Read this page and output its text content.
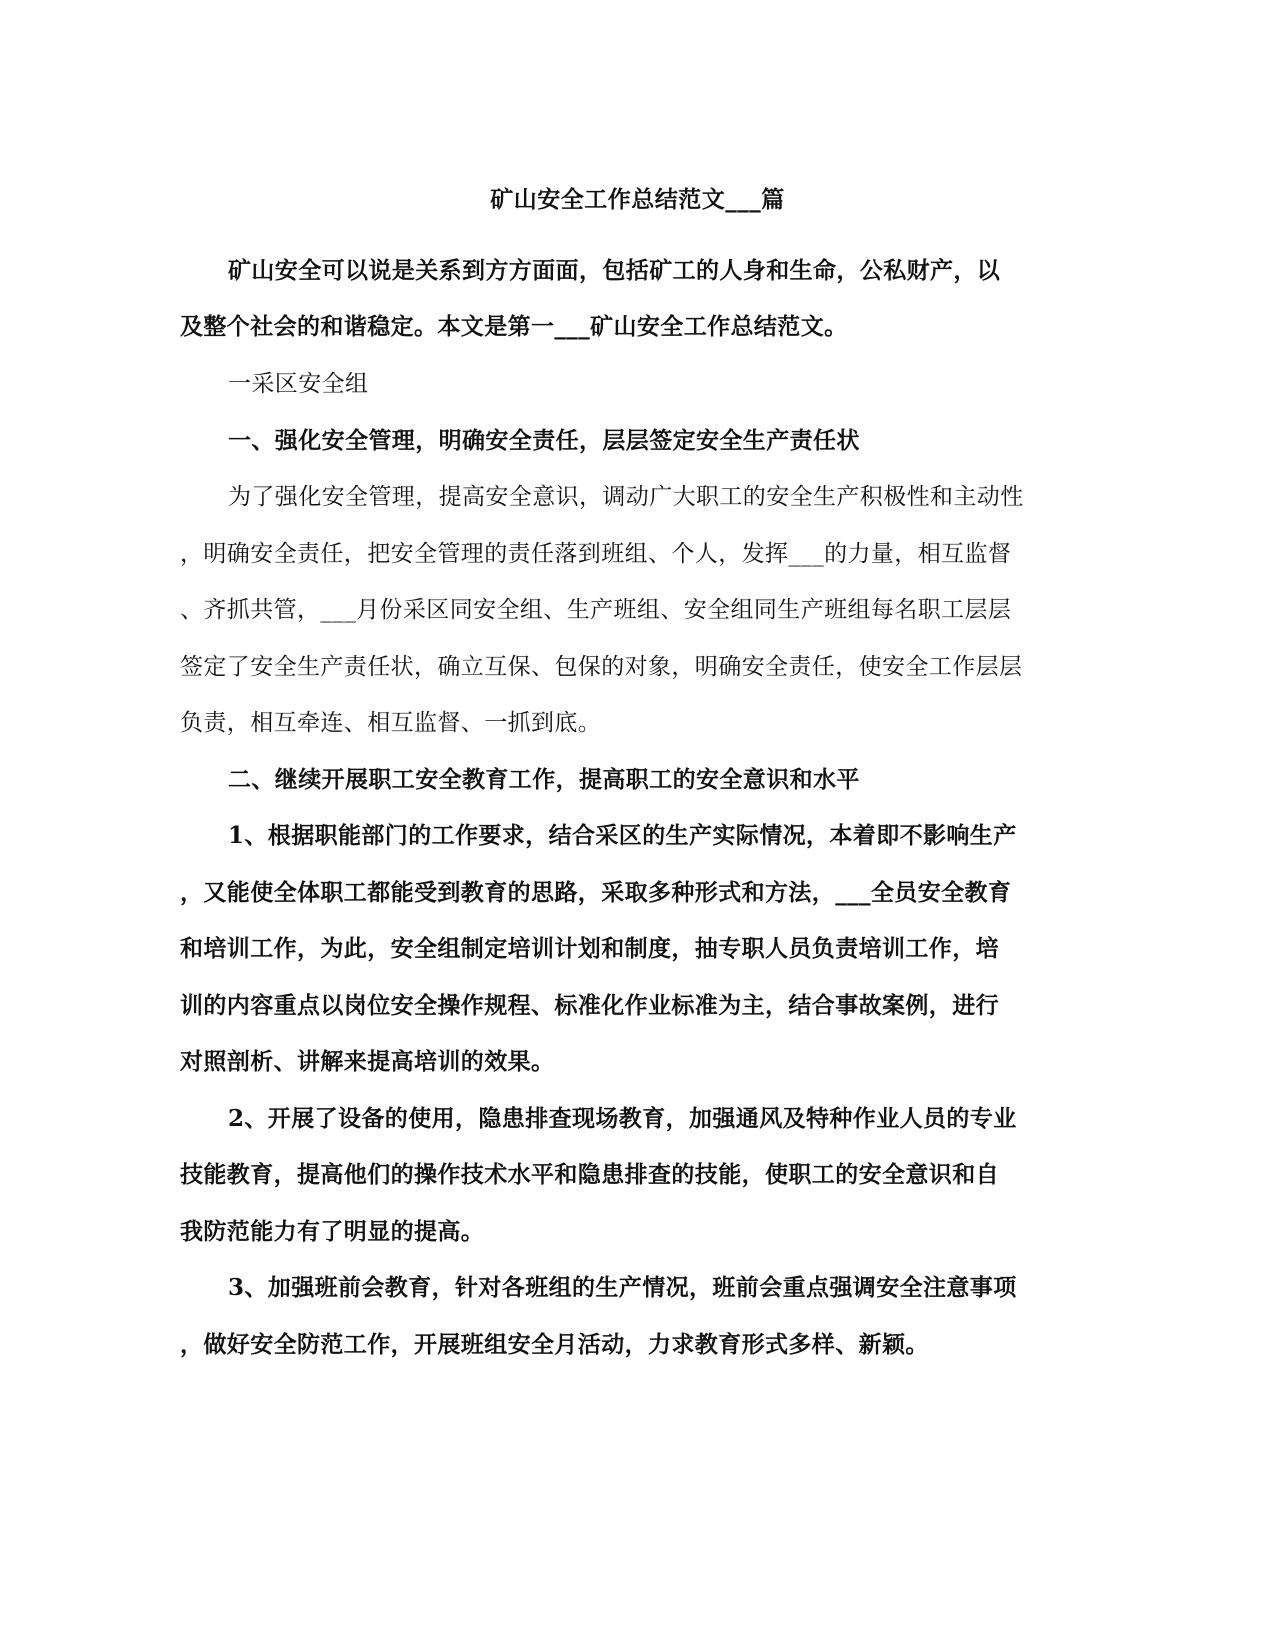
矿山安全工作总结范文___篇
矿山安全可以说是关系到方方面面，包括矿工的人身和生命，公私财产，以
及整个社会的和谐稳定。本文是第一___矿山安全工作总结范文。
一采区安全组
一、强化安全管理，明确安全责任，层层签定安全生产责任状
为了强化安全管理，提高安全意识，调动广大职工的安全生产积极性和主动性
，明确安全责任，把安全管理的责任落到班组、个人，发挥___的力量，相互监督
、齐抓共管，___月份采区同安全组、生产班组、安全组同生产班组每名职工层层
签定了安全生产责任状，确立互保、包保的对象，明确安全责任，使安全工作层层
负责，相互牵连、相互监督、一抓到底。
二、继续开展职工安全教育工作，提高职工的安全意识和水平
1、根据职能部门的工作要求，结合采区的生产实际情况，本着即不影响生产
，又能使全体职工都能受到教育的思路，采取多种形式和方法，___全员安全教育
和培训工作，为此，安全组制定培训计划和制度，抽专职人员负责培训工作，培
训的内容重点以岗位安全操作规程、标准化作业标准为主，结合事故案例，进行
对照剖析、讲解来提高培训的效果。
2、开展了设备的使用，隐患排查现场教育，加强通风及特种作业人员的专业
技能教育，提高他们的操作技术水平和隐患排查的技能，使职工的安全意识和自
我防范能力有了明显的提高。
3、加强班前会教育，针对各班组的生产情况，班前会重点强调安全注意事项
，做好安全防范工作，开展班组安全月活动，力求教育形式多样、新颖。
